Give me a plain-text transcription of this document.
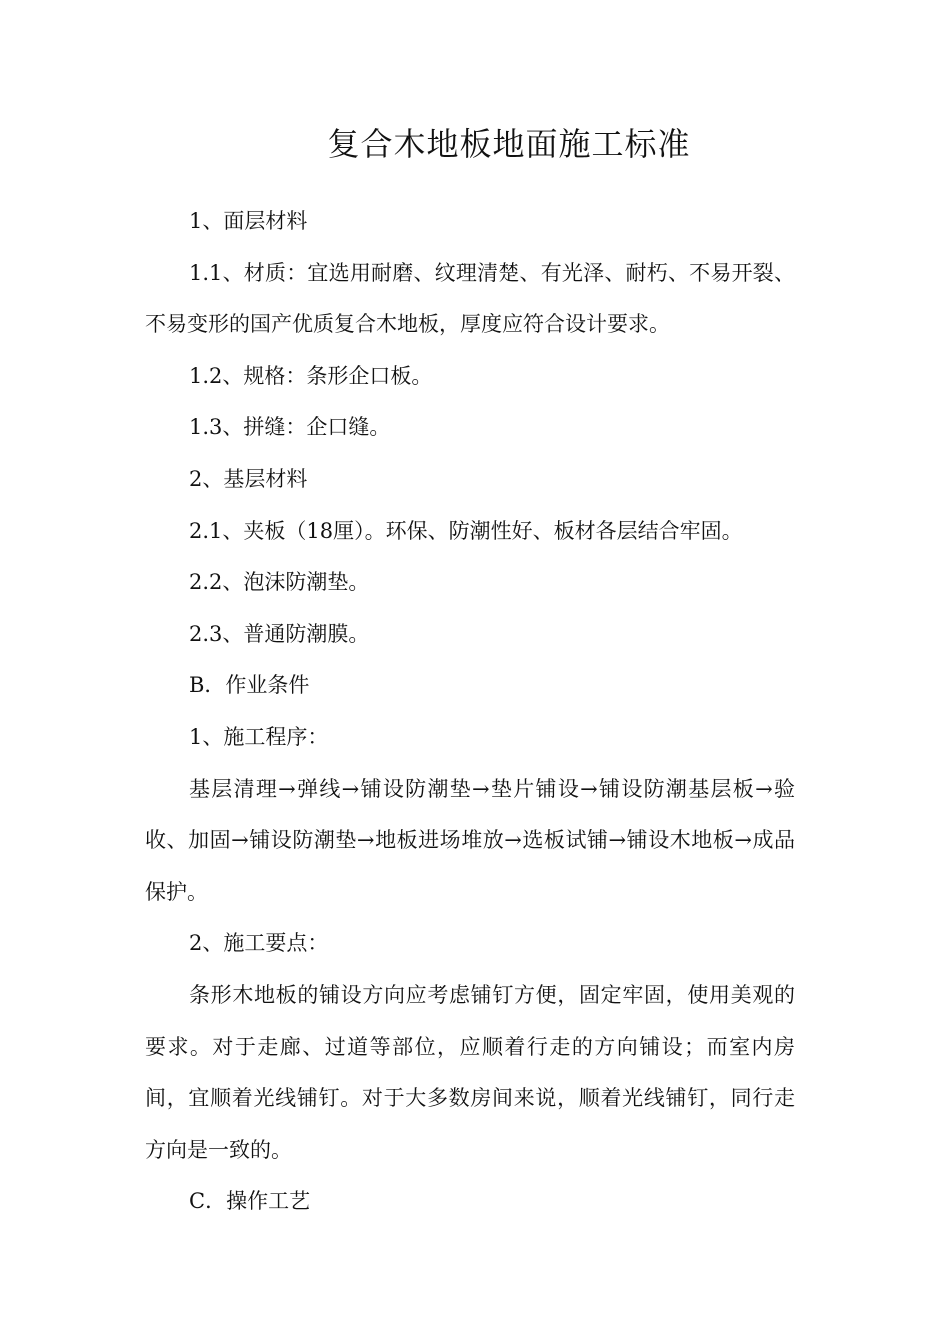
复合木地板地面施工标准

1、面层材料

1.1、材质：宜选用耐磨、纹理清楚、有光泽、耐朽、不易开裂、不易变形的国产优质复合木地板，厚度应符合设计要求。

1.2、规格：条形企口板。

1.3、拼缝：企口缝。

2、基层材料

2.1、夹板（18厘）。环保、防潮性好、板材各层结合牢固。

2.2、泡沫防潮垫。

2.3、普通防潮膜。

B．作业条件

1、施工程序：

基层清理→弹线→铺设防潮垫→垫片铺设→铺设防潮基层板→验收、加固→铺设防潮垫→地板进场堆放→选板试铺→铺设木地板→成品保护。

2、施工要点：

条形木地板的铺设方向应考虑铺钉方便，固定牢固，使用美观的要求。对于走廊、过道等部位，应顺着行走的方向铺设；而室内房间，宜顺着光线铺钉。对于大多数房间来说，顺着光线铺钉，同行走方向是一致的。

C．操作工艺
